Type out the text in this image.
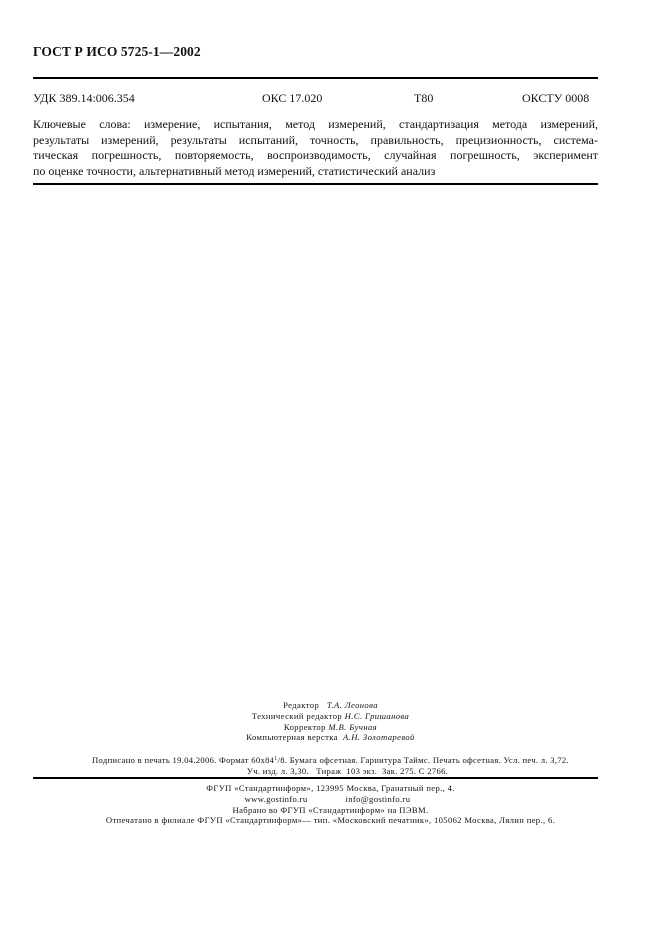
ГОСТ Р ИСО 5725-1—2002
УДК 389.14:006.354	ОКС 17.020	Т80	ОКСТУ 0008
Ключевые слова: измерение, испытания, метод измерений, стандартизация метода измерений,
результаты измерений, результаты испытаний, точность, правильность, прецизионность, система-
тическая погрешность, повторяемость, воспроизводимость, случайная погрешность, эксперимент
по оценке точности, альтернативный метод измерений, статистический анализ
Редактор Т.А. Леонова
Технический редактор Н.С. Гришанова
Корректор М.В. Бучная
Компьютерная верстка А.Н. Золотаревой
Подписано в печать 19.04.2006. Формат $60x84^1/8$. Бумага офсетная. Гарнитура Таймс. Печать офсетная. Усл. печ. л. 3,72.
Уч. изд. л. 3,30.   Тираж  103 экз.  Зак. 275. С 2766.
ФГУП «Стандартинформ», 123995 Москва, Гранатный пер., 4.
www.gostinfo.ru	info@gostinfo.ru
Набрано во ФГУП «Стандартинформ» на ПЭВМ.
Отпечатано в филиале ФГУП «Стандартинформ»— тип. «Московский печатник», 105062 Москва, Лялин пер., 6.
